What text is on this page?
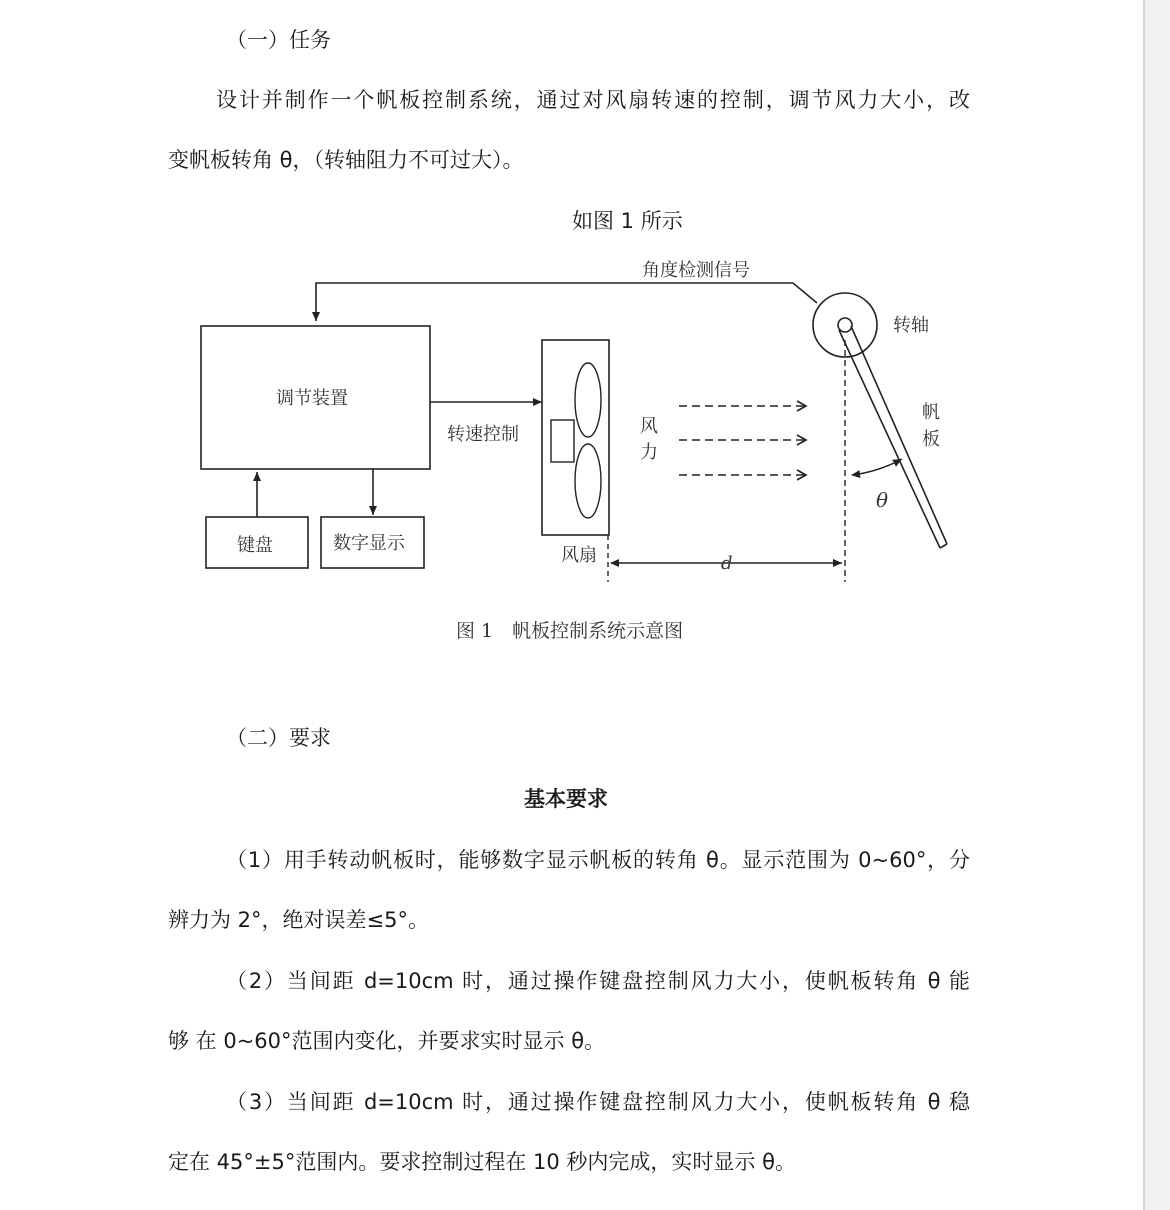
（一）任务
设计并制作一个帆板控制系统，通过对风扇转速的控制，调节风力大小，改
变帆板转角 θ，（转轴阻力不可过大）。
如图 1 所示
角度检测信号
转轴
帆
板
θ
调节装置
转速控制
风扇
风
力
键盘	数字显示
d
图 1　帆板控制系统示意图
（二）要求
基本要求
（1）用手转动帆板时，能够数字显示帆板的转角 θ。显示范围为 0~60°，分
辨力为 2°，绝对误差≤5°。
（2）当间距 d=10cm 时，通过操作键盘控制风力大小，使帆板转角 θ 能
够 在 0~60°范围内变化，并要求实时显示 θ。
（3）当间距 d=10cm 时，通过操作键盘控制风力大小，使帆板转角 θ 稳
定在 45°±5°范围内。要求控制过程在 10 秒内完成，实时显示 θ。
